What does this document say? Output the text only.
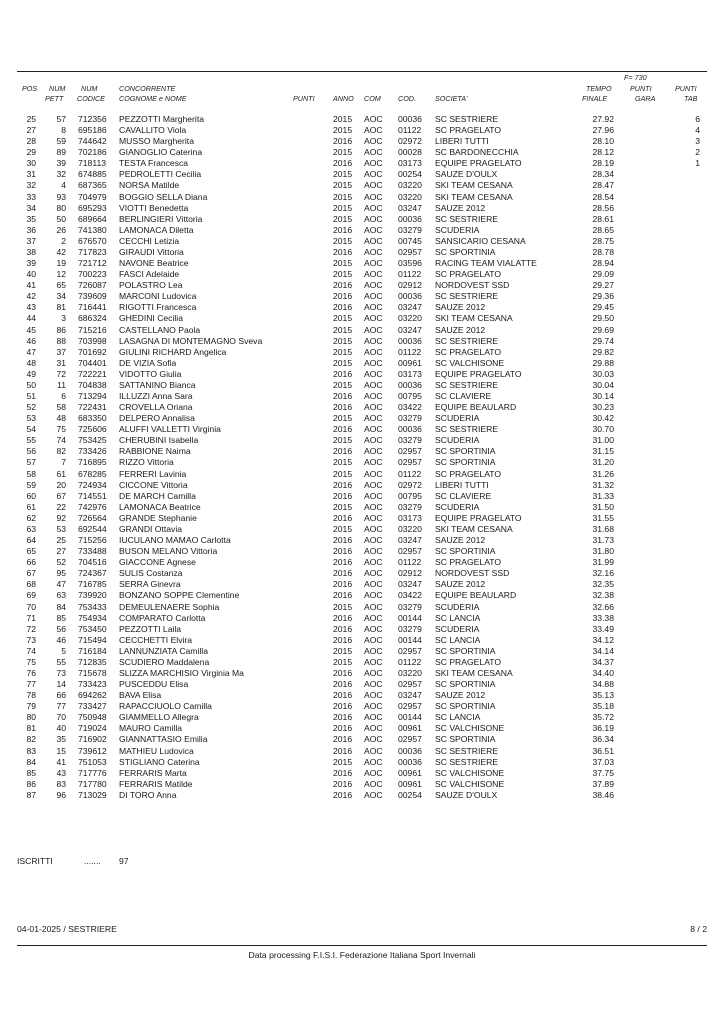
F= 730
POS NUM
PETT
NUM
CODICE
CONCORRENTE
COGNOME e NOME	PUNTI	ANNO COM COD.	SOCIETA'
TEMPO
FINALE
PUNTI
GARA
PUNTI
TAB
25 57 712356 PEZZOTTI Margherita	2015 AOC 00036 SC SESTRIERE	27.92	6
27	8 695186 CAVALLITO Viola	2015 AOC 01122 SC PRAGELATO	27.96	4
28 59 744642 MUSSO Margherita	2016 AOC 02972 LIBERI TUTTI	28.10	3
29 89 702186 GIANOGLIO Caterina	2015 AOC 00028 SC BARDONECCHIA	28.12	2
30 39 718113 TESTA Francesca	2016 AOC 03173 EQUIPE PRAGELATO	28.19	1
31 32 674885 PEDROLETTI Cecilia	2015 AOC 00254 SAUZE D'OULX	28.34
32	4 687365 NORSA Matilde	2015 AOC 03220 SKI TEAM CESANA	28.47
33 93 704979 BOGGIO SELLA Diana	2015 AOC 03220 SKI TEAM CESANA	28.54
34 80 695293 VIOTTI Benedetta	2015 AOC 03247 SAUZE 2012	28.56
35 50 689664 BERLINGIERI Vittoria	2015 AOC 00036 SC SESTRIERE	28.61
36 26 741380 LAMONACA Diletta	2016 AOC 03279 SCUDERIA	28.65
37	2 676570 CECCHI Letizia	2015 AOC 00745 SANSICARIO CESANA	28.75
38 42 717823 GIRAUDI Vittoria	2016 AOC 02957 SC SPORTINIA	28.78
39 19 721712 NAVONE Beatrice	2015 AOC 03596 RACING TEAM VIALATTE	28.94
40 12 700223 FASCI Adelaide	2015 AOC 01122 SC PRAGELATO	29.09
41 65 726087 POLASTRO Lea	2016 AOC 02912 NORDOVEST SSD	29.27
42 34 739609 MARCONI Ludovica	2016 AOC 00036 SC SESTRIERE	29.36
43 81 716441 RIGOTTI Francesca	2016 AOC 03247 SAUZE 2012	29.45
44	3 686324 GHEDINI Cecilia	2015 AOC 03220 SKI TEAM CESANA	29.50
45 86 715216 CASTELLANO Paola	2015 AOC 03247 SAUZE 2012	29.69
46 88 703998 LASAGNA DI MONTEMAGNO Sveva	2015 AOC 00036 SC SESTRIERE	29.74
47 37 701692 GIULINI RICHARD Angelica	2015 AOC 01122 SC PRAGELATO	29.82
48 31 704401 DE VIZIA Sofia	2015 AOC 00961 SC VALCHISONE	29.88
49 72 722221 VIDOTTO Giulia	2016 AOC 03173 EQUIPE PRAGELATO	30.03
50 11 704838 SATTANINO Bianca	2015 AOC 00036 SC SESTRIERE	30.04
51	6 713294 ILLUZZI Anna Sara	2016 AOC 00795 SC CLAVIERE	30.14
52 58 722431 CROVELLA Oriana	2016 AOC 03422 EQUIPE BEAULARD	30.23
53 48 683350 DELPERO Annalisa	2015 AOC 03279 SCUDERIA	30.42
54 75 725606 ALUFFI VALLETTI Virginia	2016 AOC 00036 SC SESTRIERE	30.70
55 74 753425 CHERUBINI Isabella	2015 AOC 03279 SCUDERIA	31.00
56 82 733426 RABBIONE Naima	2016 AOC 02957 SC SPORTINIA	31.15
57	7 716895 RIZZO Vittoria	2015 AOC 02957 SC SPORTINIA	31.20
58 61 678285 FERRERI Lavinia	2015 AOC 01122 SC PRAGELATO	31.26
59 20 724934 CICCONE Vittoria	2016 AOC 02972 LIBERI TUTTI	31.32
60 67 714551 DE MARCH Camilla	2016 AOC 00795 SC CLAVIERE	31.33
61 22 742976 LAMONACA Beatrice	2015 AOC 03279 SCUDERIA	31.50
62 92 726564 GRANDE Stephanie	2016 AOC 03173 EQUIPE PRAGELATO	31.55
63 53 692544 GRANDI Ottavia	2015 AOC 03220 SKI TEAM CESANA	31.68
64 25 715256 IUCULANO MAMAO Carlotta	2016 AOC 03247 SAUZE 2012	31.73
65 27 733488 BUSON MELANO Vittoria	2016 AOC 02957 SC SPORTINIA	31.80
66 52 704516 GIACCONE Agnese	2016 AOC 01122 SC PRAGELATO	31.99
67 95 724367 SULIS Costanza	2016 AOC 02912 NORDOVEST SSD	32.16
68 47 716785 SERRA Ginevra	2016 AOC 03247 SAUZE 2012	32.35
69 63 739920 BONZANO SOPPE Clementine	2016 AOC 03422 EQUIPE BEAULARD	32.38
70 84 753433 DEMEULENAERE Sophia	2015 AOC 03279 SCUDERIA	32.66
71 85 754934 COMPARATO Carlotta	2016 AOC 00144 SC LANCIA	33.38
72 56 753450 PEZZOTTI Laila	2016 AOC 03279 SCUDERIA	33.49
73 46 715494 CECCHETTI Elvira	2016 AOC 00144 SC LANCIA	34.12
74	5 716184 LANNUNZIATA Camilla	2015 AOC 02957 SC SPORTINIA	34.14
75 55 712835 SCUDIERO Maddalena	2015 AOC 01122 SC PRAGELATO	34.37
76 73 715678 SLIZZA MARCHISIO Virginia Ma	2016 AOC 03220 SKI TEAM CESANA	34.40
77 14 733423 PUSCEDDU Elisa	2016 AOC 02957 SC SPORTINIA	34.88
78 66 694262 BAVA Elisa	2016 AOC 03247 SAUZE 2012	35.13
79 77 733427 RAPACCIUOLO Camilla	2016 AOC 02957 SC SPORTINIA	35.18
80 70 750948 GIAMMELLO Allegra	2016 AOC 00144 SC LANCIA	35.72
81 40 719024 MAURO Camilla	2016 AOC 00961 SC VALCHISONE	36.19
82 35 716902 GIANNATTASIO Emilia	2016 AOC 02957 SC SPORTINIA	36.34
83 15 739612 MATHIEU Ludovica	2016 AOC 00036 SC SESTRIERE	36.51
84 41 751053 STIGLIANO Caterina	2015 AOC 00036 SC SESTRIERE	37.03
85 43 717776 FERRARIS Marta	2016 AOC 00961 SC VALCHISONE	37.75
86 83 717780 FERRARIS Matilde	2016 AOC 00961 SC VALCHISONE	37.89
87 96 713029 DI TORO Anna	2016 AOC 00254 SAUZE D'OULX	38.46
ISCRITTI	....... 97
04-01-2025 / SESTRIERE	8 / 2
Data processing F.I.S.I. Federazione Italiana Sport Invernali
